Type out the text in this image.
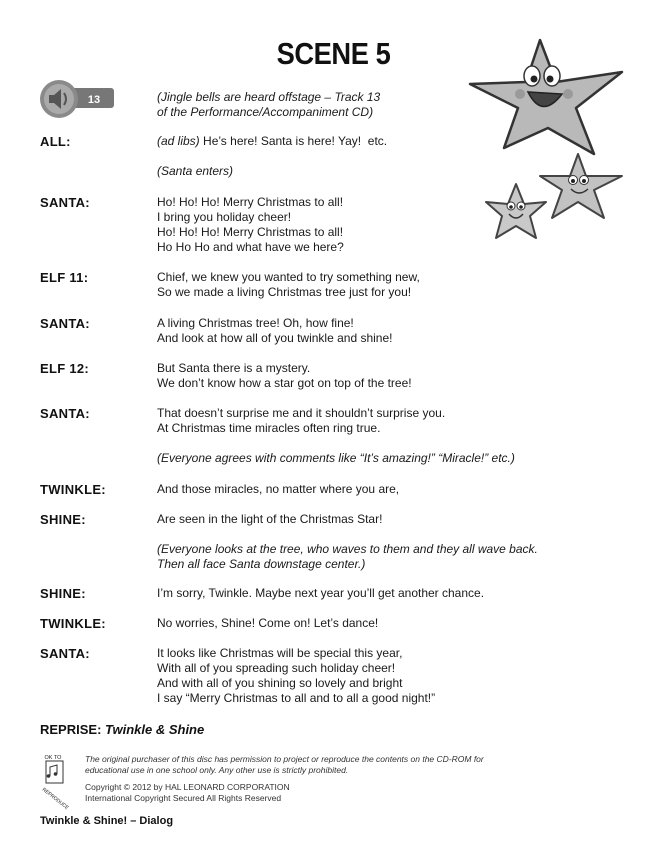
SCENE 5
13	(Jingle bells are heard offstage – Track 13
of the Performance/Accompaniment CD)
ALL:	(ad libs) He’s here! Santa is here! Yay!  etc.
(Santa enters)
SANTA:	Ho! Ho! Ho! Merry Christmas to all!
I bring you holiday cheer!
Ho! Ho! Ho! Merry Christmas to all!
Ho Ho Ho and what have we here?
ELF 11:	Chief, we knew you wanted to try something new,
So we made a living Christmas tree just for you!
SANTA:	A living Christmas tree! Oh, how fine!
And look at how all of you twinkle and shine!
ELF 12:	But Santa there is a mystery.
We don’t know how a star got on top of the tree!
SANTA:	That doesn’t surprise me and it shouldn’t surprise you.
At Christmas time miracles often ring true.
(Everyone agrees with comments like “It’s amazing!” “Miracle!” etc.)
TWINKLE:	And those miracles, no matter where you are,
SHINE:	Are seen in the light of the Christmas Star!
(Everyone looks at the tree, who waves to them and they all wave back.
Then all face Santa downstage center.)
SHINE:	I’m sorry, Twinkle. Maybe next year you’ll get another chance.
TWINKLE:	No worries, Shine! Come on! Let’s dance!
SANTA:	It looks like Christmas will be special this year,
With all of you spreading such holiday cheer!
And with all of you shining so lovely and bright
I say “Merry Christmas to all and to all a good night!”
REPRISE: Twinkle & Shine
OK TO
REPRODUCE
The original purchaser of this disc has permission to project or reproduce the contents on the CD-ROM for educational use in one school only. Any other use is strictly prohibited.
Copyright © 2012 by HAL LEONARD CORPORATION
International Copyright Secured All Rights Reserved
Twinkle & Shine! – Dialog
